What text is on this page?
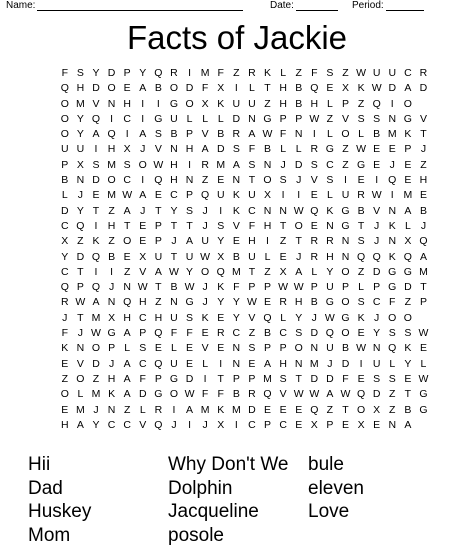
Name:	Date:	Period:
Facts of Jackie
F S Y D P Y Q R I M F Z R K L Z F S Z W U U C R
Q H D O E A B O D F X	I	L T H B Q E X K W D A D
O M V N H I	I G O X K U U Z H B H L P Z Q I O
O Y Q I C I G U L L L D N G P P W Z V S S N G V
O Y A Q I	A S B P V B R A W F N I	L O L B M K T
U U I H X J V N H A D S F B L L R G Z W E E P J
P X S M S O W H I R M A S N J D S C Z G E J E Z
B N D O C I Q H N Z E N T O S J V S	I	E	I Q E H
L J E M W A E C P Q U K U X	I	I	E L U R W I M E
D Y T Z A J T Y S J	I	K C N N W Q K G B V N A B
C Q I H T E P T T J S V F H T O E N G T J K L J
X Z K Z O E P J A U Y E H I	Z T R R N S J N X Q
Y D Q B E X U T U W X B U L E J R H N Q Q K Q A
C T	I	I	Z V A W Y O Q M T Z X A L Y O Z D G G M
Q P Q J N W T B W J K F P P W W P U P L P G D T
R W A N Q H Z N G J Y Y W E R H B G O S C F Z P
J T M X H C H U S K E Y V Q L Y J W G K J O O
F J W G A P Q F F E R C Z B C S D Q O E Y S S W
K N O P L S E L E V E N S P P O N U B W N Q K E
E V D J A C Q U E L	I N E A H N M J D I U L Y L
Z O Z H A F P G D I	T P P M S T D D F E S S E W
O L M K A D G O W F F B R Q V W W A W Q D Z T G
E M J N Z L R I	A M K M D E E E Q Z T O X Z B G
H A Y C C V Q J	I	J X	I C P C E X P E X E N A
Hii	Why Don't We	bule
Dad	Dolphin	eleven
Huskey	Jacqueline	Love
Mom	posole
